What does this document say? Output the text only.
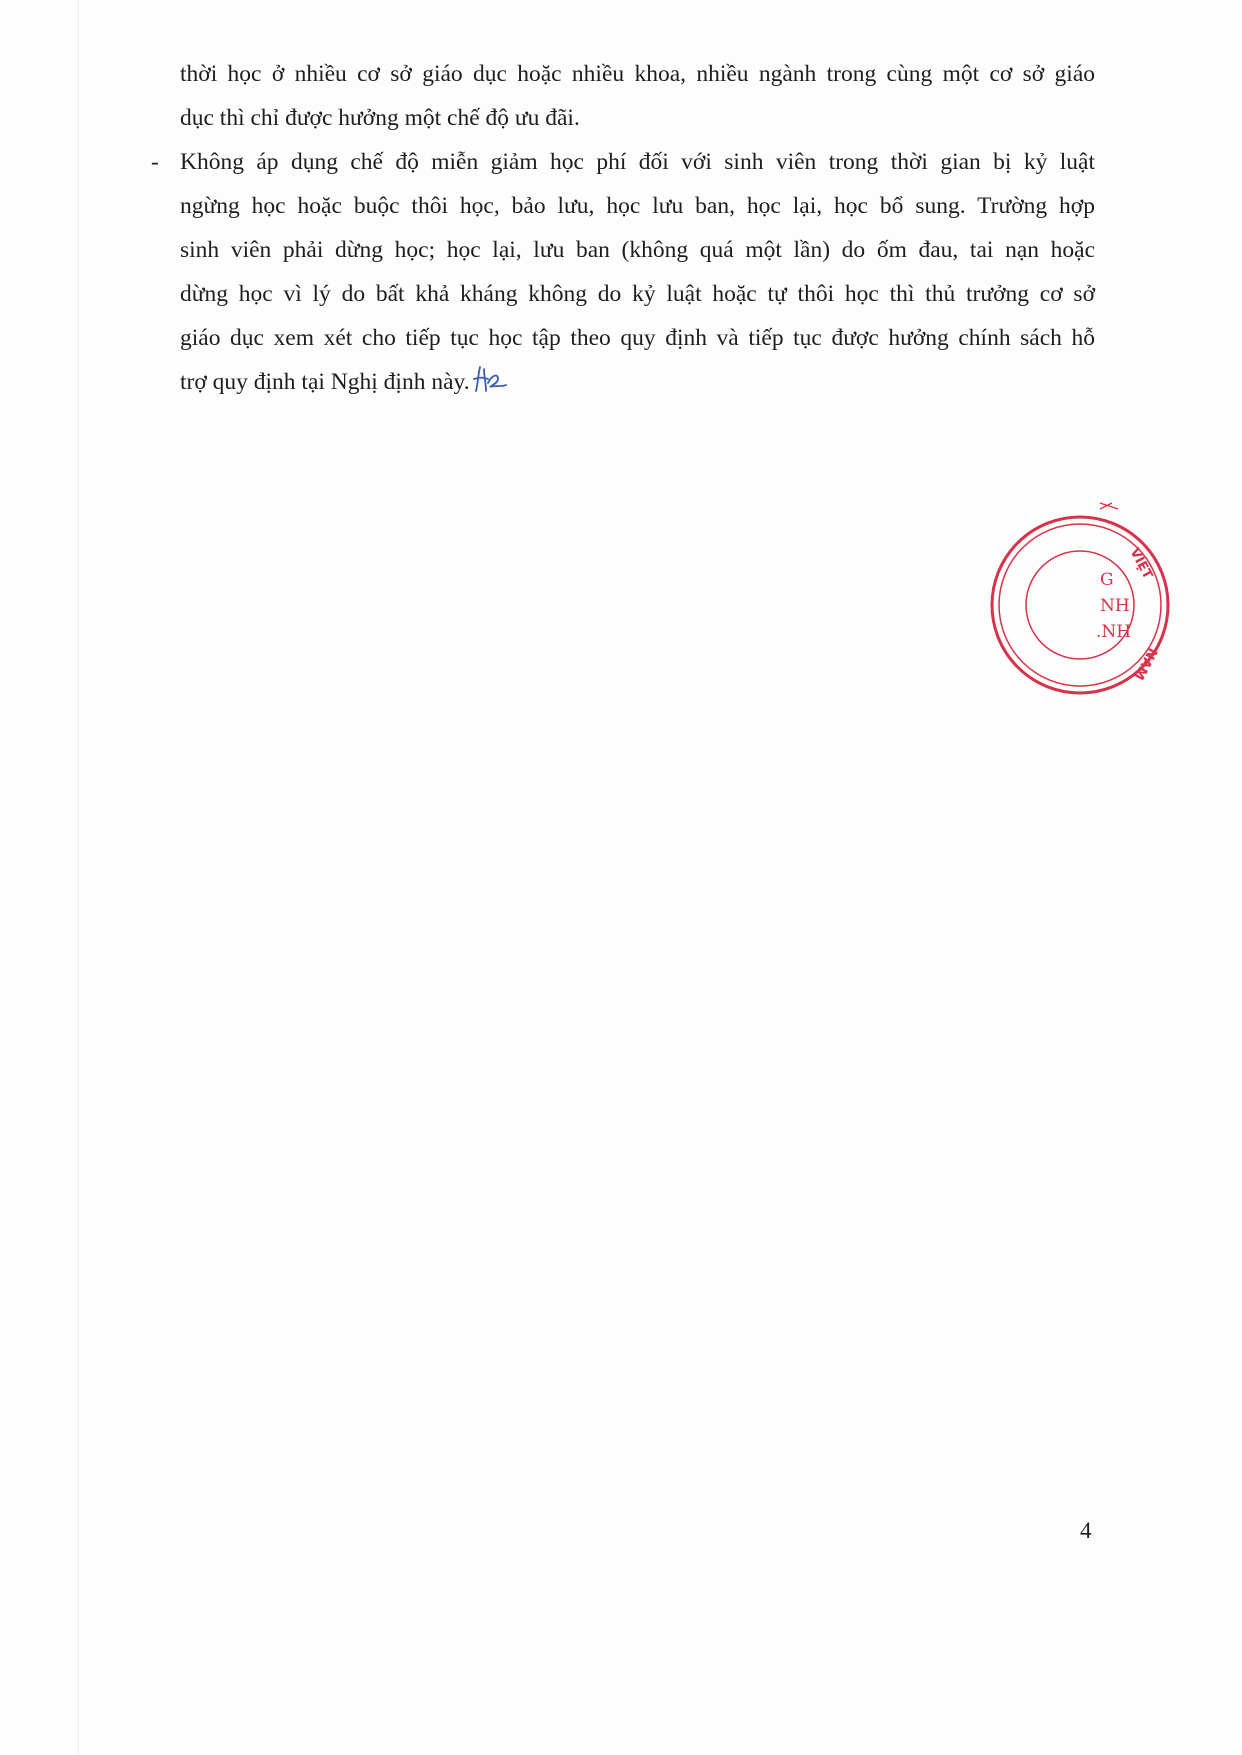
thời học ở nhiều cơ sở giáo dục hoặc nhiều khoa, nhiều ngành trong cùng một cơ sở giáo
dục thì chỉ được hưởng một chế độ ưu đãi.

- Không áp dụng chế độ miễn giảm học phí đối với sinh viên trong thời gian bị kỷ luật
ngừng học hoặc buộc thôi học, bảo lưu, học lưu ban, học lại, học bổ sung. Trường hợp
sinh viên phải dừng học; học lại, lưu ban (không quá một lần) do ốm đau, tai nạn hoặc
dừng học vì lý do bất khả kháng không do kỷ luật hoặc tự thôi học thì thủ trưởng cơ sở
giáo dục xem xét cho tiếp tục học tập theo quy định và tiếp tục được hưởng chính sách hỗ
trợ quy định tại Nghị định này.
VIỆT
NAM
G
NH
.NH
4
